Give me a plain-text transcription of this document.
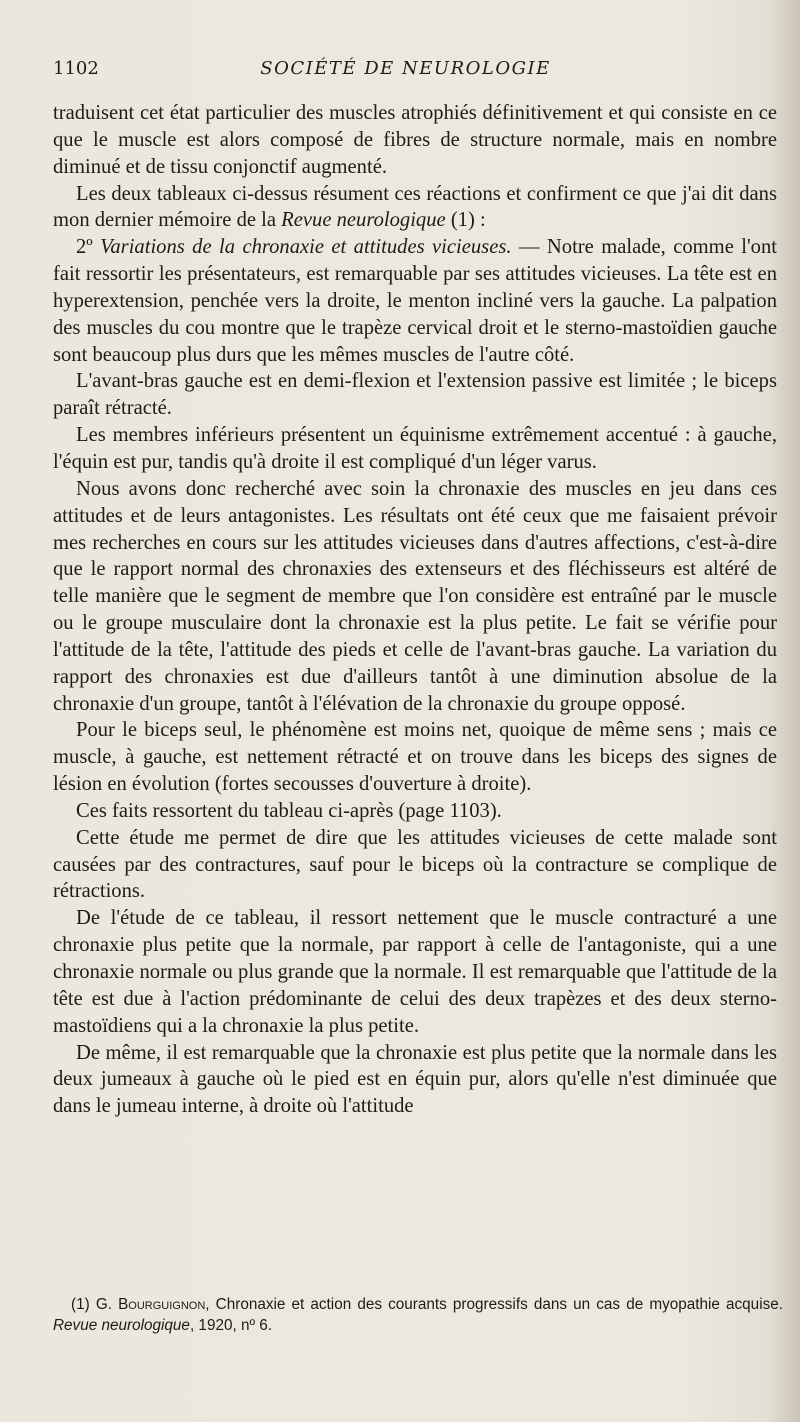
1102	SOCIÉTÉ DE NEUROLOGIE

traduisent cet état particulier des muscles atrophiés définitivement et qui consiste en ce que le muscle est alors composé de fibres de structure normale, mais en nombre diminué et de tissu conjonctif augmenté.

Les deux tableaux ci-dessus résument ces réactions et confirment ce que j'ai dit dans mon dernier mémoire de la Revue neurologique (1) :

2º Variations de la chronaxie et attitudes vicieuses. — Notre malade, comme l'ont fait ressortir les présentateurs, est remarquable par ses attitudes vicieuses. La tête est en hyperextension, penchée vers la droite, le menton incliné vers la gauche. La palpation des muscles du cou montre que le trapèze cervical droit et le sterno-mastoïdien gauche sont beaucoup plus durs que les mêmes muscles de l'autre côté.

L'avant-bras gauche est en demi-flexion et l'extension passive est limitée ; le biceps paraît rétracté.

Les membres inférieurs présentent un équinisme extrêmement accentué : à gauche, l'équin est pur, tandis qu'à droite il est compliqué d'un léger varus.

Nous avons donc recherché avec soin la chronaxie des muscles en jeu dans ces attitudes et de leurs antagonistes. Les résultats ont été ceux que me faisaient prévoir mes recherches en cours sur les attitudes vicieuses dans d'autres affections, c'est-à-dire que le rapport normal des chronaxies des extenseurs et des fléchisseurs est altéré de telle manière que le segment de membre que l'on considère est entraîné par le muscle ou le groupe musculaire dont la chronaxie est la plus petite. Le fait se vérifie pour l'attitude de la tête, l'attitude des pieds et celle de l'avant-bras gauche. La variation du rapport des chronaxies est due d'ailleurs tantôt à une diminution absolue de la chronaxie d'un groupe, tantôt à l'élévation de la chronaxie du groupe opposé.

Pour le biceps seul, le phénomène est moins net, quoique de même sens ; mais ce muscle, à gauche, est nettement rétracté et on trouve dans les biceps des signes de lésion en évolution (fortes secousses d'ouverture à droite).

Ces faits ressortent du tableau ci-après (page 1103).

Cette étude me permet de dire que les attitudes vicieuses de cette malade sont causées par des contractures, sauf pour le biceps où la contracture se complique de rétractions.

De l'étude de ce tableau, il ressort nettement que le muscle contracturé a une chronaxie plus petite que la normale, par rapport à celle de l'antagoniste, qui a une chronaxie normale ou plus grande que la normale. Il est remarquable que l'attitude de la tête est due à l'action prédominante de celui des deux trapèzes et des deux sterno-mastoïdiens qui a la chronaxie la plus petite.

De même, il est remarquable que la chronaxie est plus petite que la normale dans les deux jumeaux à gauche où le pied est en équin pur, alors qu'elle n'est diminuée que dans le jumeau interne, à droite où l'attitude

(1) G. Bourguignon, Chronaxie et action des courants progressifs dans un cas de myopathie acquise. Revue neurologique, 1920, nº 6.
